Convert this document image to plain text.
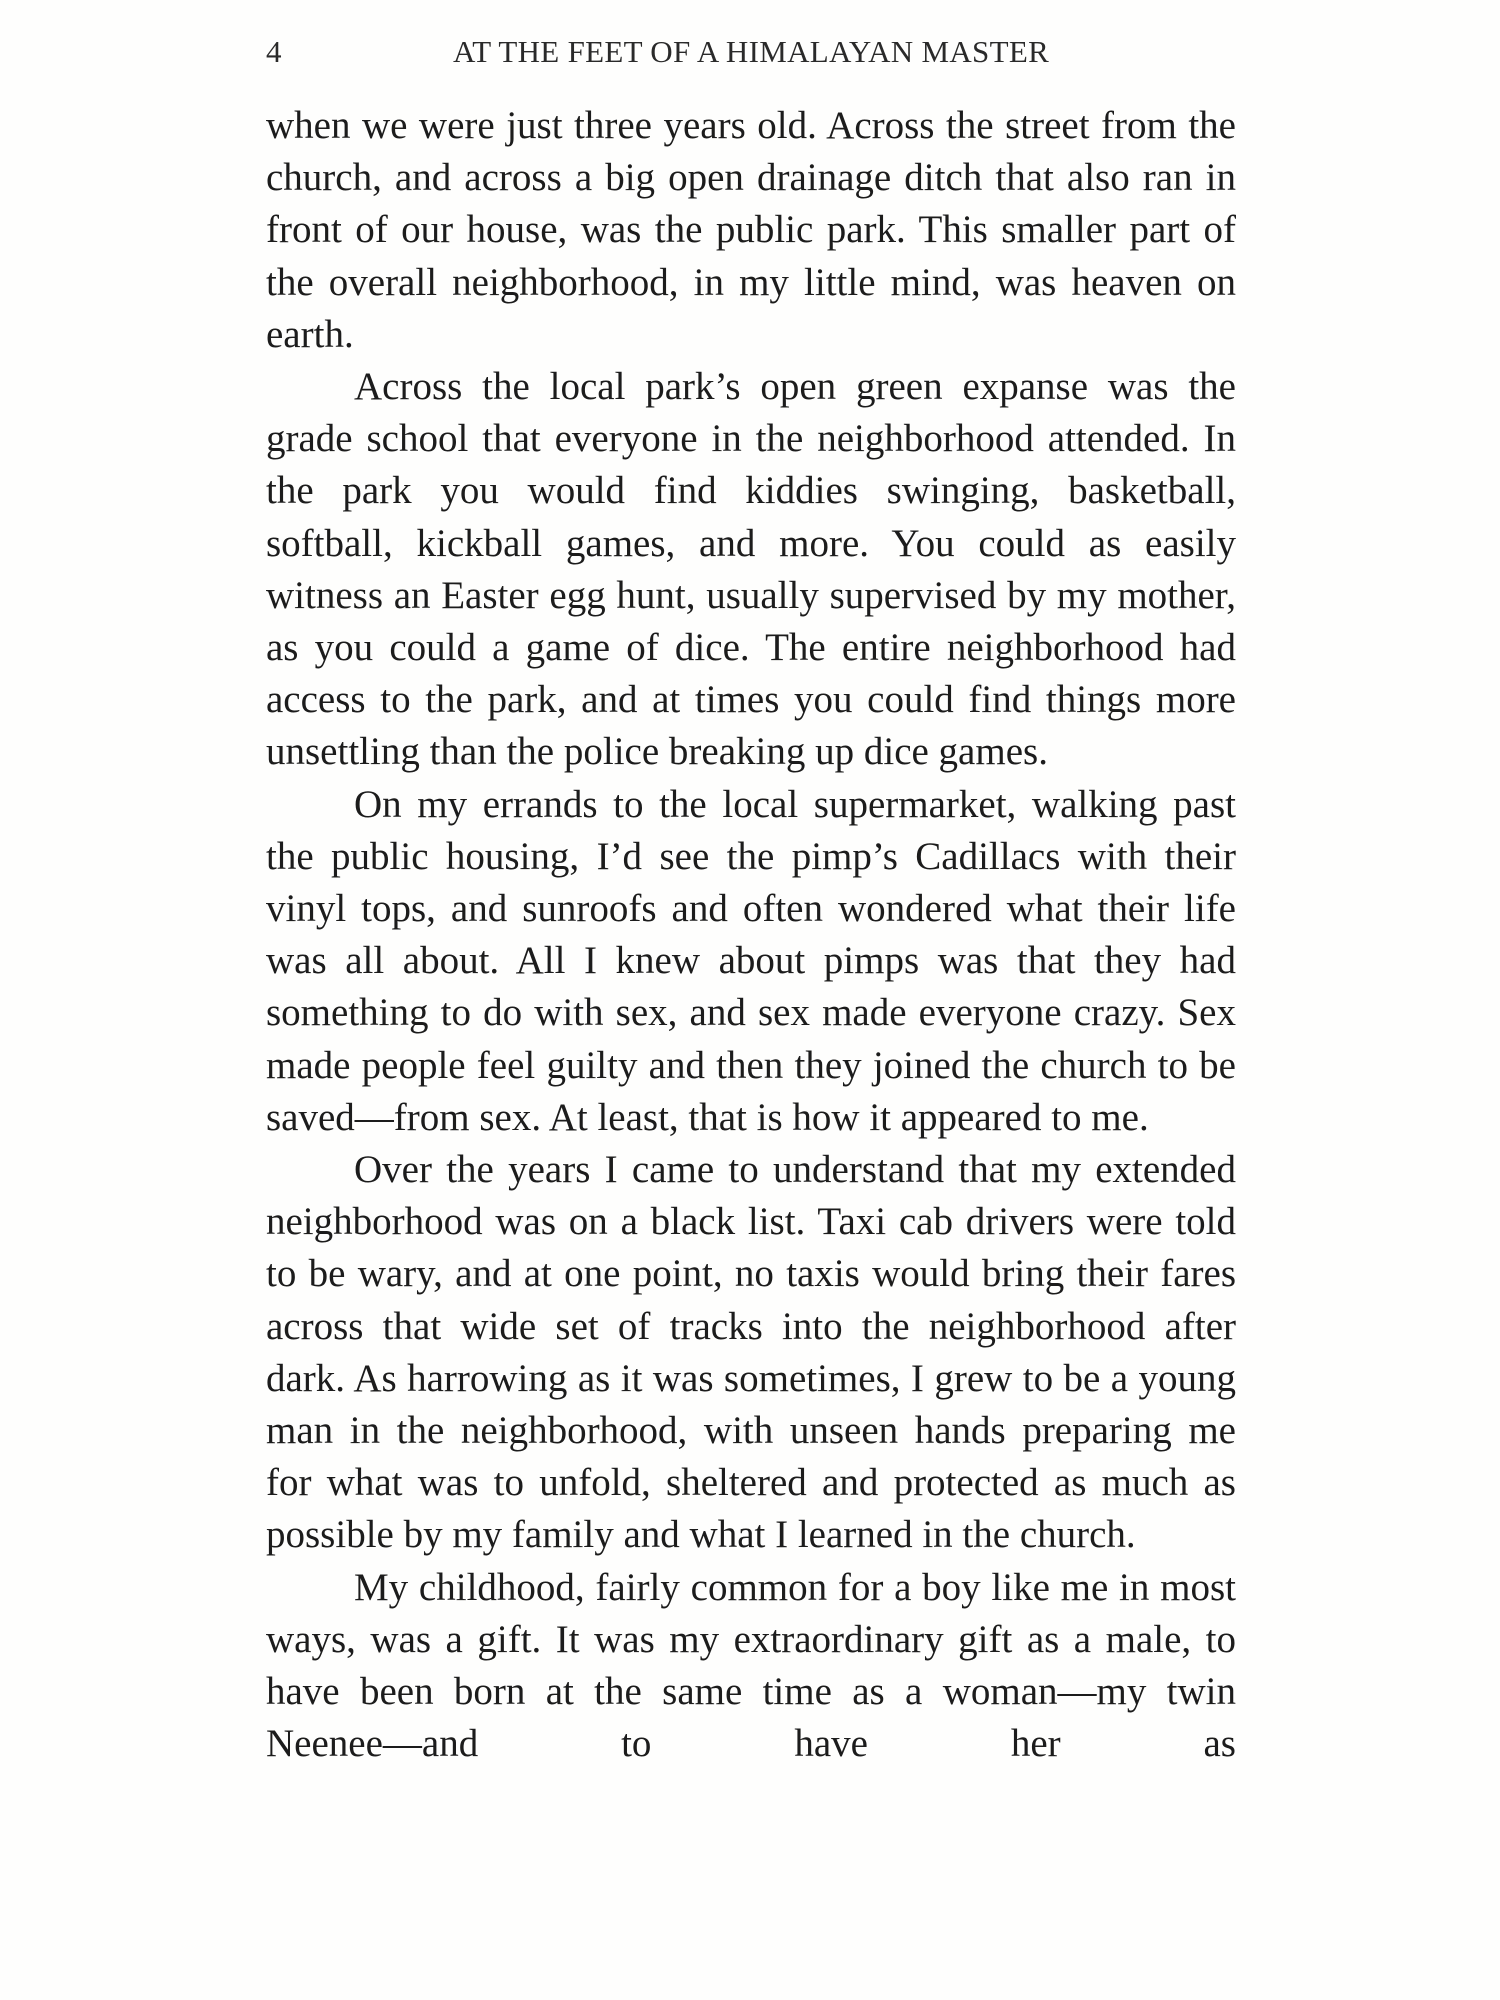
4	AT THE FEET OF A HIMALAYAN MASTER

when we were just three years old. Across the street from the church, and across a big open drainage ditch that also ran in front of our house, was the public park. This smaller part of the overall neighborhood, in my little mind, was heaven on earth.

Across the local park’s open green expanse was the grade school that everyone in the neighborhood attended. In the park you would find kiddies swinging, basketball, softball, kickball games, and more. You could as easily witness an Easter egg hunt, usually supervised by my mother, as you could a game of dice. The entire neighborhood had access to the park, and at times you could find things more unsettling than the police breaking up dice games.

On my errands to the local supermarket, walking past the public housing, I’d see the pimp’s Cadillacs with their vinyl tops, and sunroofs and often wondered what their life was all about. All I knew about pimps was that they had something to do with sex, and sex made everyone crazy. Sex made people feel guilty and then they joined the church to be saved—from sex. At least, that is how it appeared to me.

Over the years I came to understand that my extended neighborhood was on a black list. Taxi cab drivers were told to be wary, and at one point, no taxis would bring their fares across that wide set of tracks into the neighborhood after dark. As harrowing as it was sometimes, I grew to be a young man in the neighborhood, with unseen hands preparing me for what was to unfold, sheltered and protected as much as possible by my family and what I learned in the church.

My childhood, fairly common for a boy like me in most ways, was a gift. It was my extraordinary gift as a male, to have been born at the same time as a woman—my twin Neenee—and to have her as
